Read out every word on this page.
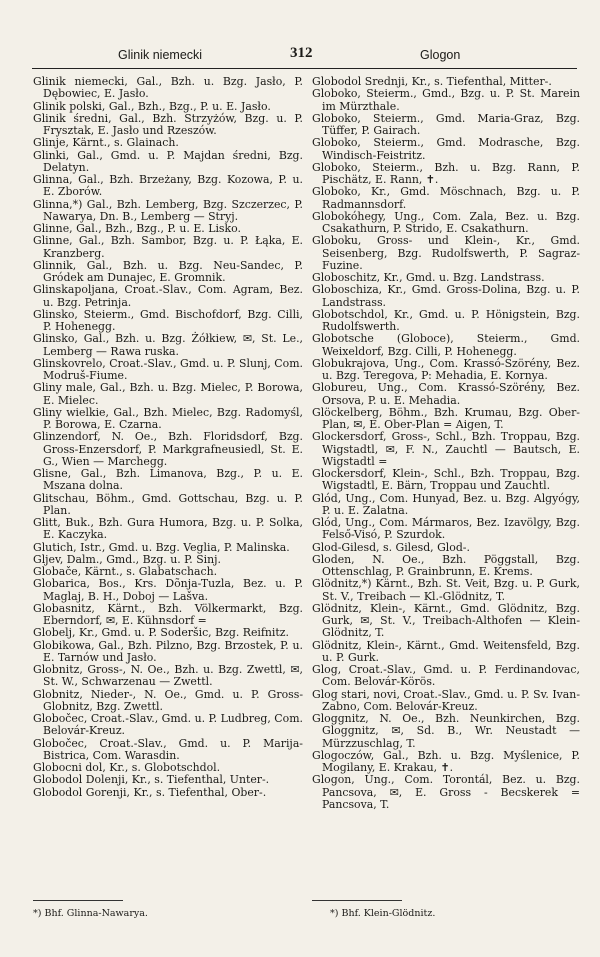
Glinik niemecki	312	Glogon

Glinik niemecki, Gal., Bzh. u. Bzg. Jasło, P. Dębowiec, E. Jasło.

Glinik polski, Gal., Bzh., Bzg., P. u. E. Jasło.

Glinik średni, Gal., Bzh. Strzyżów, Bzg. u. P. Frysztak, E. Jasło und Rzeszów.

Glinje, Kärnt., s. Glainach.

Glinki, Gal., Gmd. u. P. Majdan średni, Bzg. Delatyn.

Glinna, Gal., Bzh. Brzeżany, Bzg. Kozowa, P. u. E. Zborów.

Glinna,*) Gal., Bzh. Lemberg, Bzg. Szczerzec, P. Nawarya, Dn. B., Lemberg — Stryj.

Glinne, Gal., Bzh., Bzg., P. u. E. Lisko.

Glinne, Gal., Bzh. Sambor, Bzg. u. P. Łąka, E. Kranzberg.

Glinnik, Gal., Bzh. u. Bzg. Neu-Sandec, P. Gródek am Dunajec, E. Gromnik.

Glinskapoljana, Croat.-Slav., Com. Agram, Bez. u. Bzg. Petrinja.

Glinsko, Steierm., Gmd. Bischofdorf, Bzg. Cilli, P. Hohenegg.

Glinsko, Gal., Bzh. u. Bzg. Żółkiew, ✉, St. Le., Lemberg — Rawa ruska.

Glinskovrelo, Croat.-Slav., Gmd. u. P. Slunj, Com. Modruš-Fiume.

Gliny male, Gal., Bzh. u. Bzg. Mielec, P. Borowa, E. Mielec.

Gliny wielkie, Gal., Bzh. Mielec, Bzg. Radomyśl, P. Borowa, E. Czarna.

Glinzendorf, N. Oe., Bzh. Floridsdorf, Bzg. Gross-Enzersdorf, P. Markgrafneusiedl, St. E. G., Wien — Marchegg.

Glisne, Gal., Bzh. Limanova, Bzg., P. u. E. Mszana dolna.

Glitschau, Böhm., Gmd. Gottschau, Bzg. u. P. Plan.

Glitt, Buk., Bzh. Gura Humora, Bzg. u. P. Solka, E. Kaczyka.

Glutich, Istr., Gmd. u. Bzg. Veglia, P. Malinska.

Gljev, Dalm., Gmd., Bzg. u. P. Sinj.

Globače, Kärnt., s. Glabatschach.

Globarica, Bos., Krs. Dõnja-Tuzla, Bez. u. P. Maglaj, B. H., Doboj — Lašva.

Globasnitz, Kärnt., Bzh. Völkermarkt, Bzg. Eberndorf, ✉, E. Kühnsdorf =

Globelj, Kr., Gmd. u. P. Soderšic, Bzg. Reifnitz.

Globikowa, Gal., Bzh. Pilzno, Bzg. Brzostek, P. u. E. Tarnów und Jasło.

Globnitz, Gross-, N. Oe., Bzh. u. Bzg. Zwettl, ✉, St. W., Schwarzenau — Zwettl.

Globnitz, Nieder-, N. Oe., Gmd. u. P. Gross-Globnitz, Bzg. Zwettl.

Globočec, Croat.-Slav., Gmd. u. P. Ludbreg, Com. Belovár-Kreuz.

Globočec, Croat.-Slav., Gmd. u. P. Marija-Bistrica, Com. Warasdin.

Globocni dol, Kr., s. Globotschdol.

Globodol Dolenji, Kr., s. Tiefenthal, Unter-.

Globodol Gorenji, Kr., s. Tiefenthal, Ober-.

Globodol Srednji, Kr., s. Tiefenthal, Mitter-.

Globoko, Steierm., Gmd., Bzg. u. P. St. Marein im Mürzthale.

Globoko, Steierm., Gmd. Maria-Graz, Bzg. Tüffer, P. Gairach.

Globoko, Steierm., Gmd. Modrasche, Bzg. Windisch-Feistritz.

Globoko, Steierm., Bzh. u. Bzg. Rann, P. Pischätz, E. Rann, ✝.

Globoko, Kr., Gmd. Möschnach, Bzg. u. P. Radmannsdorf.

Globokóhegy, Ung., Com. Zala, Bez. u. Bzg. Csakathurn, P. Strido, E. Csakathurn.

Globoku, Gross- und Klein-, Kr., Gmd. Seisenberg, Bzg. Rudolfswerth, P. Sagraz-Fuzine.

Globoschitz, Kr., Gmd. u. Bzg. Landstrass.

Globoschiza, Kr., Gmd. Gross-Dolina, Bzg. u. P. Landstrass.

Globotschdol, Kr., Gmd. u. P. Hönigstein, Bzg. Rudolfswerth.

Globotsche (Globoce), Steierm., Gmd. Weixeldorf, Bzg. Cilli, P. Hohenegg.

Globukrajova, Ung., Com. Krassó-Szörény, Bez. u. Bzg. Teregova, P: Mehadia, E. Kornya.

Globureu, Ung., Com. Krassó-Szörény, Bez. Orsova, P. u. E. Mehadia.

Glöckelberg, Böhm., Bzh. Krumau, Bzg. Ober-Plan, ✉, E. Ober-Plan = Aigen, T.

Glockersdorf, Gross-, Schl., Bzh. Troppau, Bzg. Wigstadtl, ✉, F. N., Zauchtl — Bautsch, E. Wigstadtl =

Glockersdorf, Klein-, Schl., Bzh. Troppau, Bzg. Wigstadtl, E. Bärn, Troppau und Zauchtl.

Glód, Ung., Com. Hunyad, Bez. u. Bzg. Algyógy, P. u. E. Zalatna.

Glód, Ung., Com. Mármaros, Bez. Izavölgy, Bzg. Felső-Visó, P. Szurdok.

Glod-Gilesd, s. Gilesd, Glod-.

Gloden, N. Oe., Bzh. Pöggstall, Bzg. Ottenschlag, P. Grainbrunn, E. Krems.

Glödnitz,*) Kärnt., Bzh. St. Veit, Bzg. u. P. Gurk, St. V., Treibach — Kl.-Glödnitz, T.

Glödnitz, Klein-, Kärnt., Gmd. Glödnitz, Bzg. Gurk, ✉, St. V., Treibach-Althofen — Klein-Glödnitz, T.

Glödnitz, Klein-, Kärnt., Gmd. Weitensfeld, Bzg. u. P. Gurk.

Glog, Croat.-Slav., Gmd. u. P. Ferdinandovac, Com. Belovár-Körös.

Glog stari, novi, Croat.-Slav., Gmd. u. P. Sv. Ivan-Zabno, Com. Belovár-Kreuz.

Gloggnitz, N. Oe., Bzh. Neunkirchen, Bzg. Gloggnitz, ✉, Sd. B., Wr. Neustadt — Mürzzuschlag, T.

Glogoczów, Gal., Bzh. u. Bzg. Myślenice, P. Mogilany, E. Krakau, ✝.

Glogon, Ung., Com. Torontál, Bez. u. Bzg. Pancsova, ✉, E. Gross - Becskerek = Pancsova, T.

*) Bhf. Glinna-Nawarya.	*) Bhf. Klein-Glödnitz.
